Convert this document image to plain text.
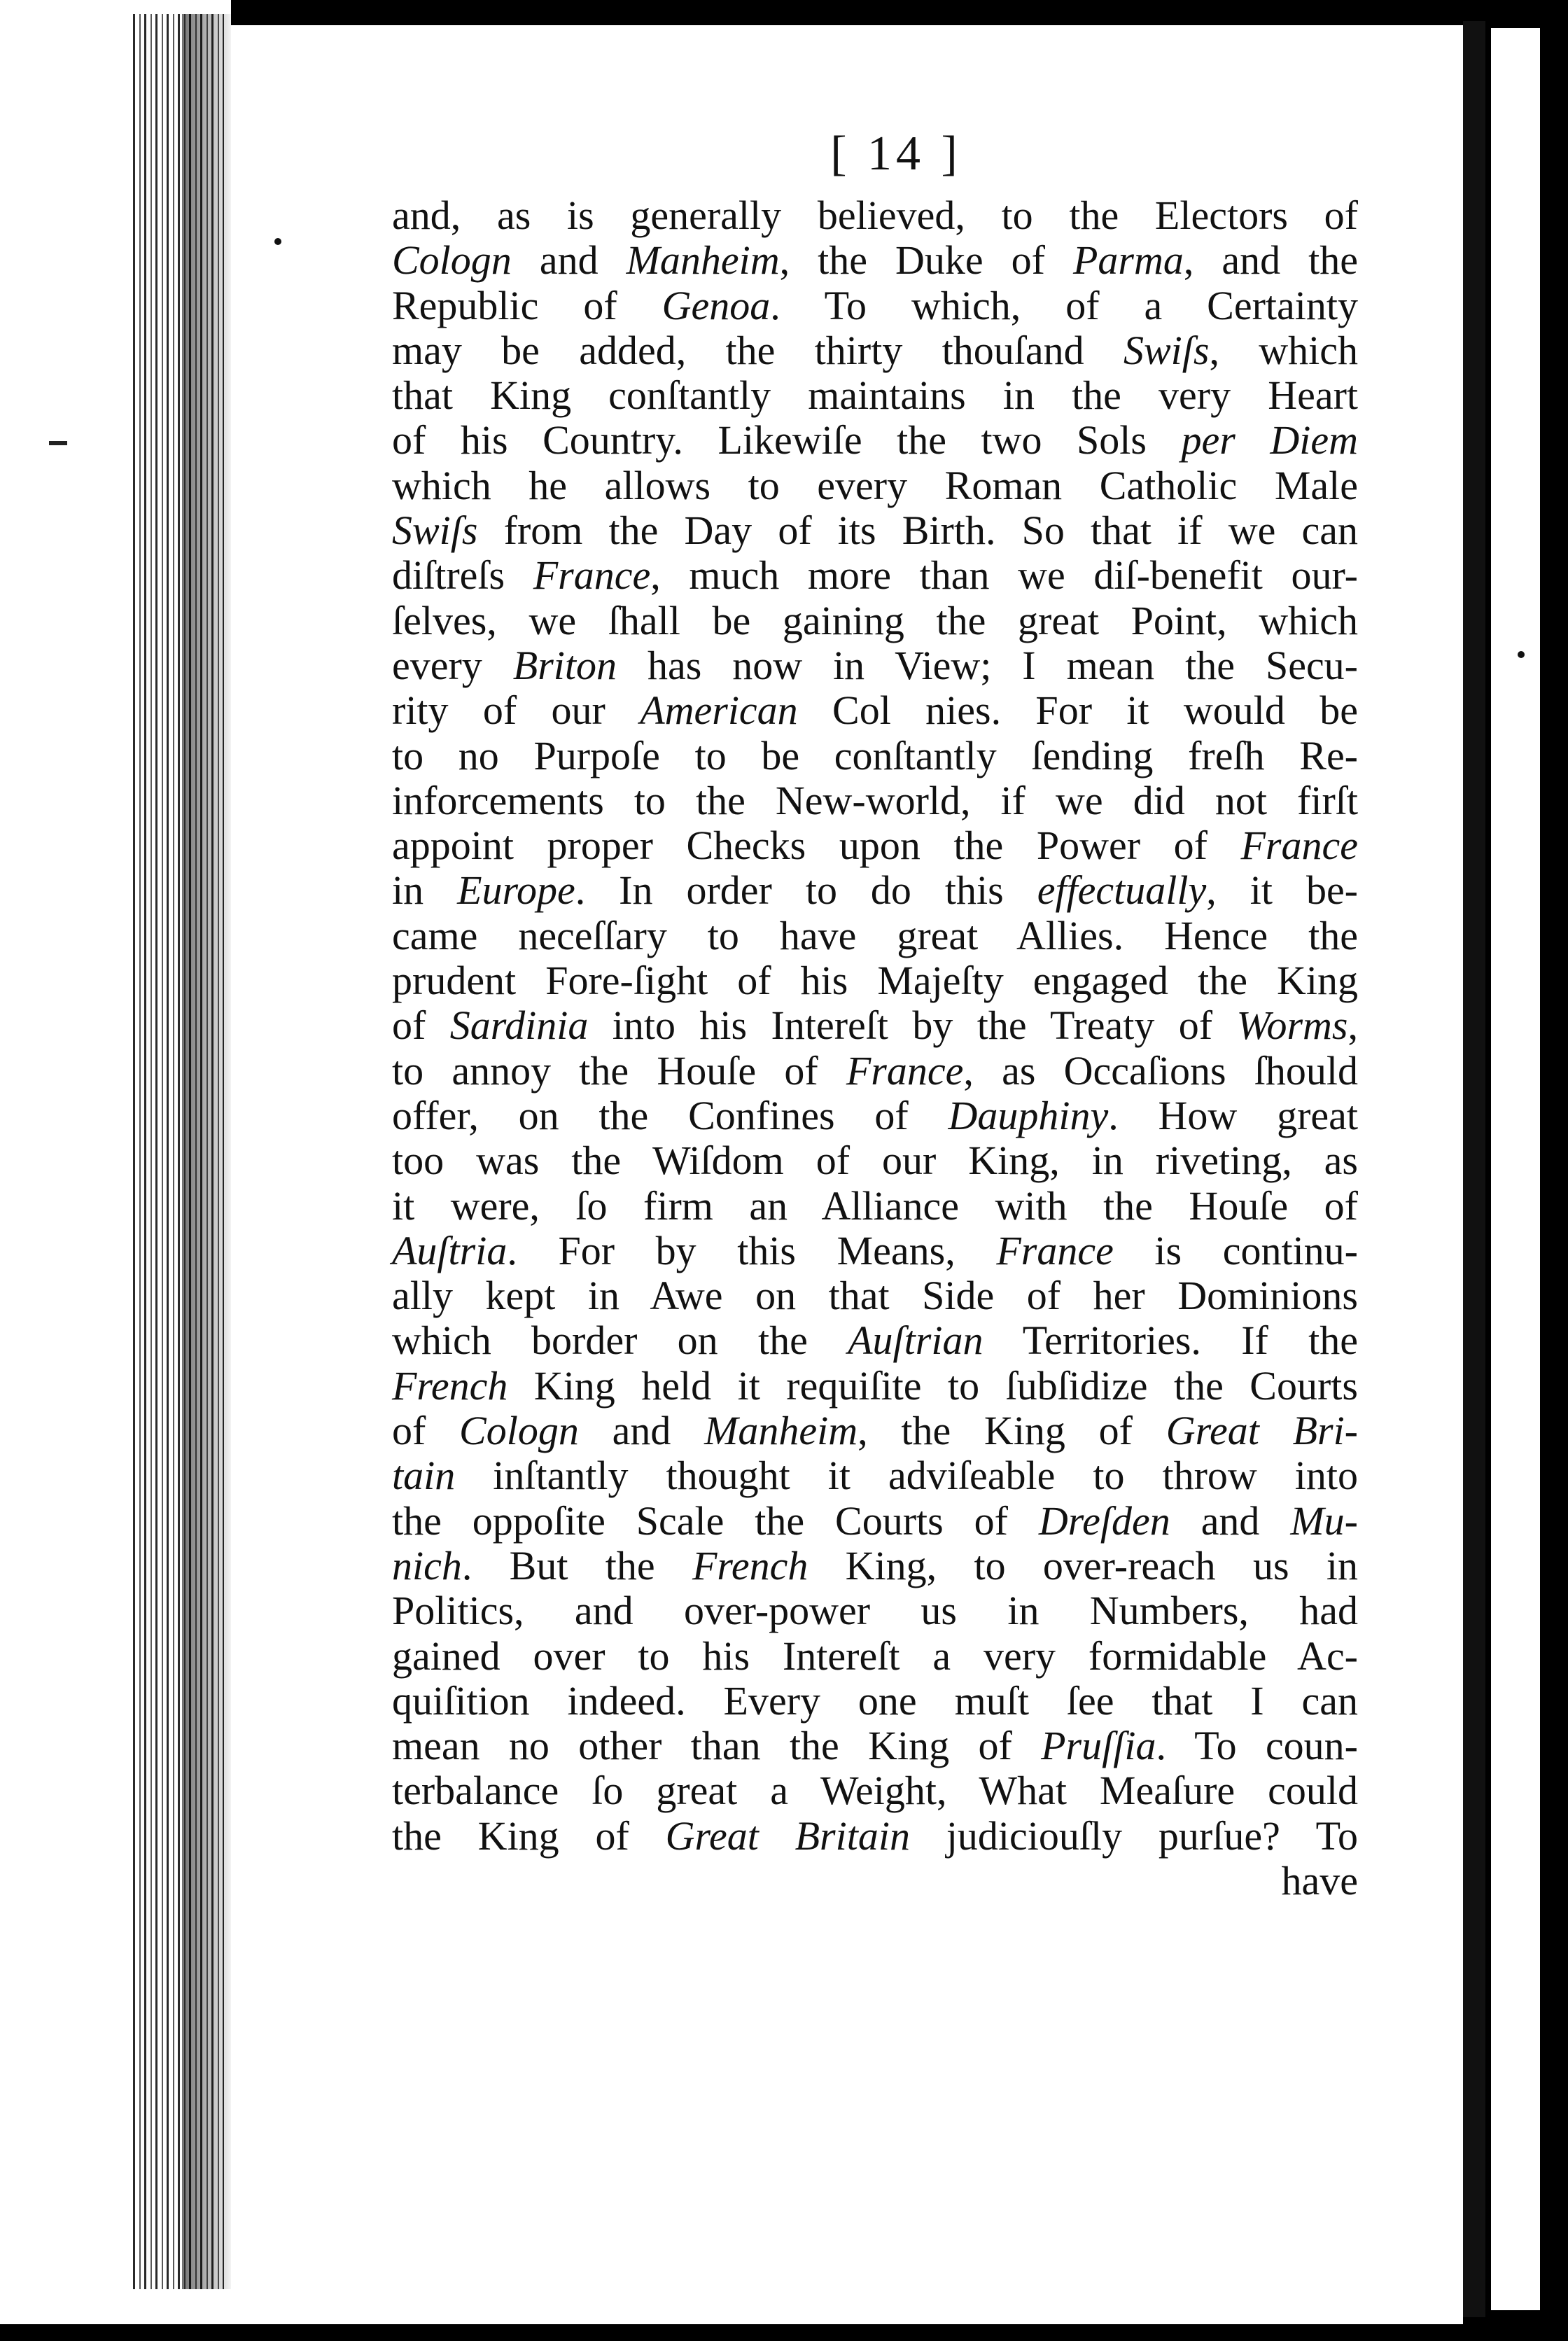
[ 14 ]
and, as is generally believed, to the Electors of
Cologn and Manheim, the Duke of Parma, and the
Republic of Genoa. To which, of a Certainty
may be added, the thirty thouſand Swiſs, which
that King conſtantly maintains in the very Heart
of his Country. Likewiſe the two Sols per Diem
which he allows to every Roman Catholic Male
Swiſs from the Day of its Birth. So that if we can
diſtreſs France, much more than we diſ-benefit our-
ſelves, we ſhall be gaining the great Point, which
every Briton has now in View; I mean the Secu-
rity of our American Col nies. For it would be
to no Purpoſe to be conſtantly ſending freſh Re-
inforcements to the New-world, if we did not firſt
appoint proper Checks upon the Power of France
in Europe. In order to do this effectually, it be-
came neceſſary to have great Allies. Hence the
prudent Fore-ſight of his Majeſty engaged the King
of Sardinia into his Intereſt by the Treaty of Worms,
to annoy the Houſe of France, as Occaſions ſhould
offer, on the Confines of Dauphiny. How great
too was the Wiſdom of our King, in riveting, as
it were, ſo firm an Alliance with the Houſe of
Auſtria. For by this Means, France is continu-
ally kept in Awe on that Side of her Dominions
which border on the Auſtrian Territories. If the
French King held it requiſite to ſubſidize the Courts
of Cologn and Manheim, the King of Great Bri-
tain inſtantly thought it adviſeable to throw into
the oppoſite Scale the Courts of Dreſden and Mu-
nich. But the French King, to over-reach us in
Politics, and over-power us in Numbers, had
gained over to his Intereſt a very formidable Ac-
quiſition indeed. Every one muſt ſee that I can
mean no other than the King of Pruſſia. To coun-
terbalance ſo great a Weight, What Meaſure could
the King of Great Britain judiciouſly purſue? To
have
